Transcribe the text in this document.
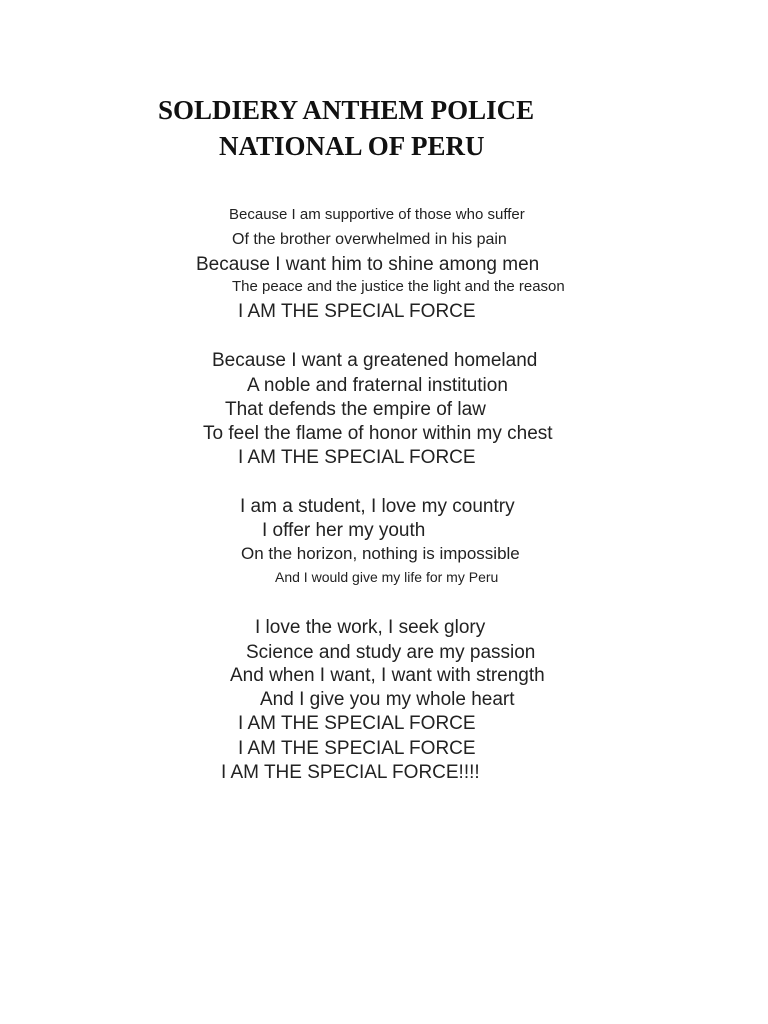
SOLDIERY ANTHEM POLICE
NATIONAL OF PERU

Because I am supportive of those who suffer

Of the brother overwhelmed in his pain

Because I want him to shine among men

The peace and the justice the light and the reason

I AM THE SPECIAL FORCE

Because I want a greatened homeland

A noble and fraternal institution

That defends the empire of law

To feel the flame of honor within my chest

I AM THE SPECIAL FORCE

I am a student, I love my country

I offer her my youth

On the horizon, nothing is impossible

And I would give my life for my Peru

I love the work, I seek glory

Science and study are my passion

And when I want, I want with strength

And I give you my whole heart

I AM THE SPECIAL FORCE

I AM THE SPECIAL FORCE

I AM THE SPECIAL FORCE!!!!
